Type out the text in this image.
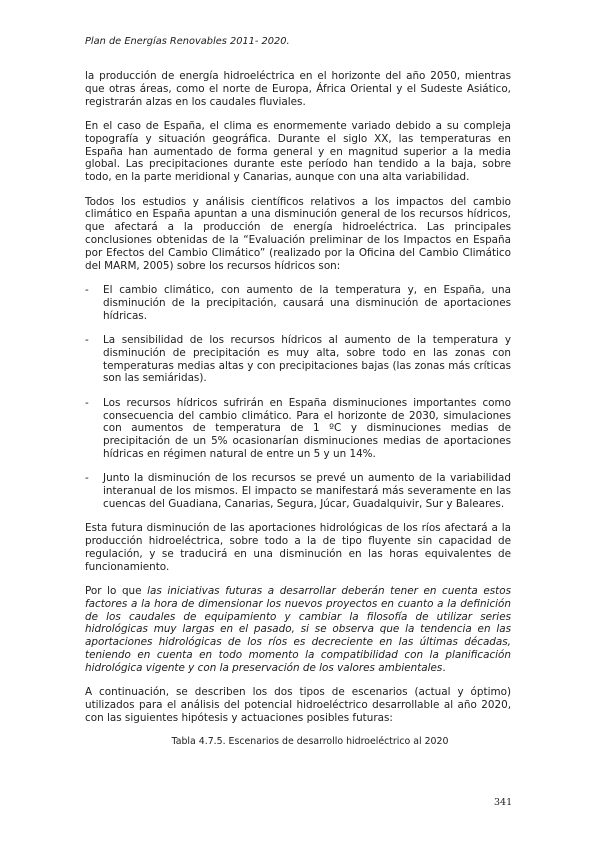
Plan de Energías Renovables 2011- 2020.

la producción de energía hidroeléctrica en el horizonte del año 2050, mientras que otras áreas, como el norte de Europa, África Oriental y el Sudeste Asiático, registrarán alzas en los caudales fluviales.

En el caso de España, el clima es enormemente variado debido a su compleja topografía y situación geográfica. Durante el siglo XX, las temperaturas en España han aumentado de forma general y en magnitud superior a la media global. Las precipitaciones durante este período han tendido a la baja, sobre todo, en la parte meridional y Canarias, aunque con una alta variabilidad.

Todos los estudios y análisis científicos relativos a los impactos del cambio climático en España apuntan a una disminución general de los recursos hídricos, que afectará a la producción de energía hidroeléctrica. Las principales conclusiones obtenidas de la “Evaluación preliminar de los Impactos en España por Efectos del Cambio Climático” (realizado por la Oficina del Cambio Climático del MARM, 2005) sobre los recursos hídricos son:

- El cambio climático, con aumento de la temperatura y, en España, una disminución de la precipitación, causará una disminución de aportaciones hídricas.
- La sensibilidad de los recursos hídricos al aumento de la temperatura y disminución de precipitación es muy alta, sobre todo en las zonas con temperaturas medias altas y con precipitaciones bajas (las zonas más críticas son las semiáridas).
- Los recursos hídricos sufrirán en España disminuciones importantes como consecuencia del cambio climático. Para el horizonte de 2030, simulaciones con aumentos de temperatura de 1 ºC y disminuciones medias de precipitación de un 5% ocasionarían disminuciones medias de aportaciones hídricas en régimen natural de entre un 5 y un 14%.
- Junto la disminución de los recursos se prevé un aumento de la variabilidad interanual de los mismos. El impacto se manifestará más severamente en las cuencas del Guadiana, Canarias, Segura, Júcar, Guadalquivir, Sur y Baleares.

Esta futura disminución de las aportaciones hidrológicas de los ríos afectará a la producción hidroeléctrica, sobre todo a la de tipo fluyente sin capacidad de regulación, y se traducirá en una disminución en las horas equivalentes de funcionamiento.

Por lo que las iniciativas futuras a desarrollar deberán tener en cuenta estos factores a la hora de dimensionar los nuevos proyectos en cuanto a la definición de los caudales de equipamiento y cambiar la filosofía de utilizar series hidrológicas muy largas en el pasado, si se observa que la tendencia en las aportaciones hidrológicas de los ríos es decreciente en las últimas décadas, teniendo en cuenta en todo momento la compatibilidad con la planificación hidrológica vigente y con la preservación de los valores ambientales.

A continuación, se describen los dos tipos de escenarios (actual y óptimo) utilizados para el análisis del potencial hidroeléctrico desarrollable al año 2020, con las siguientes hipótesis y actuaciones posibles futuras:

Tabla 4.7.5. Escenarios de desarrollo hidroeléctrico al 2020
341
